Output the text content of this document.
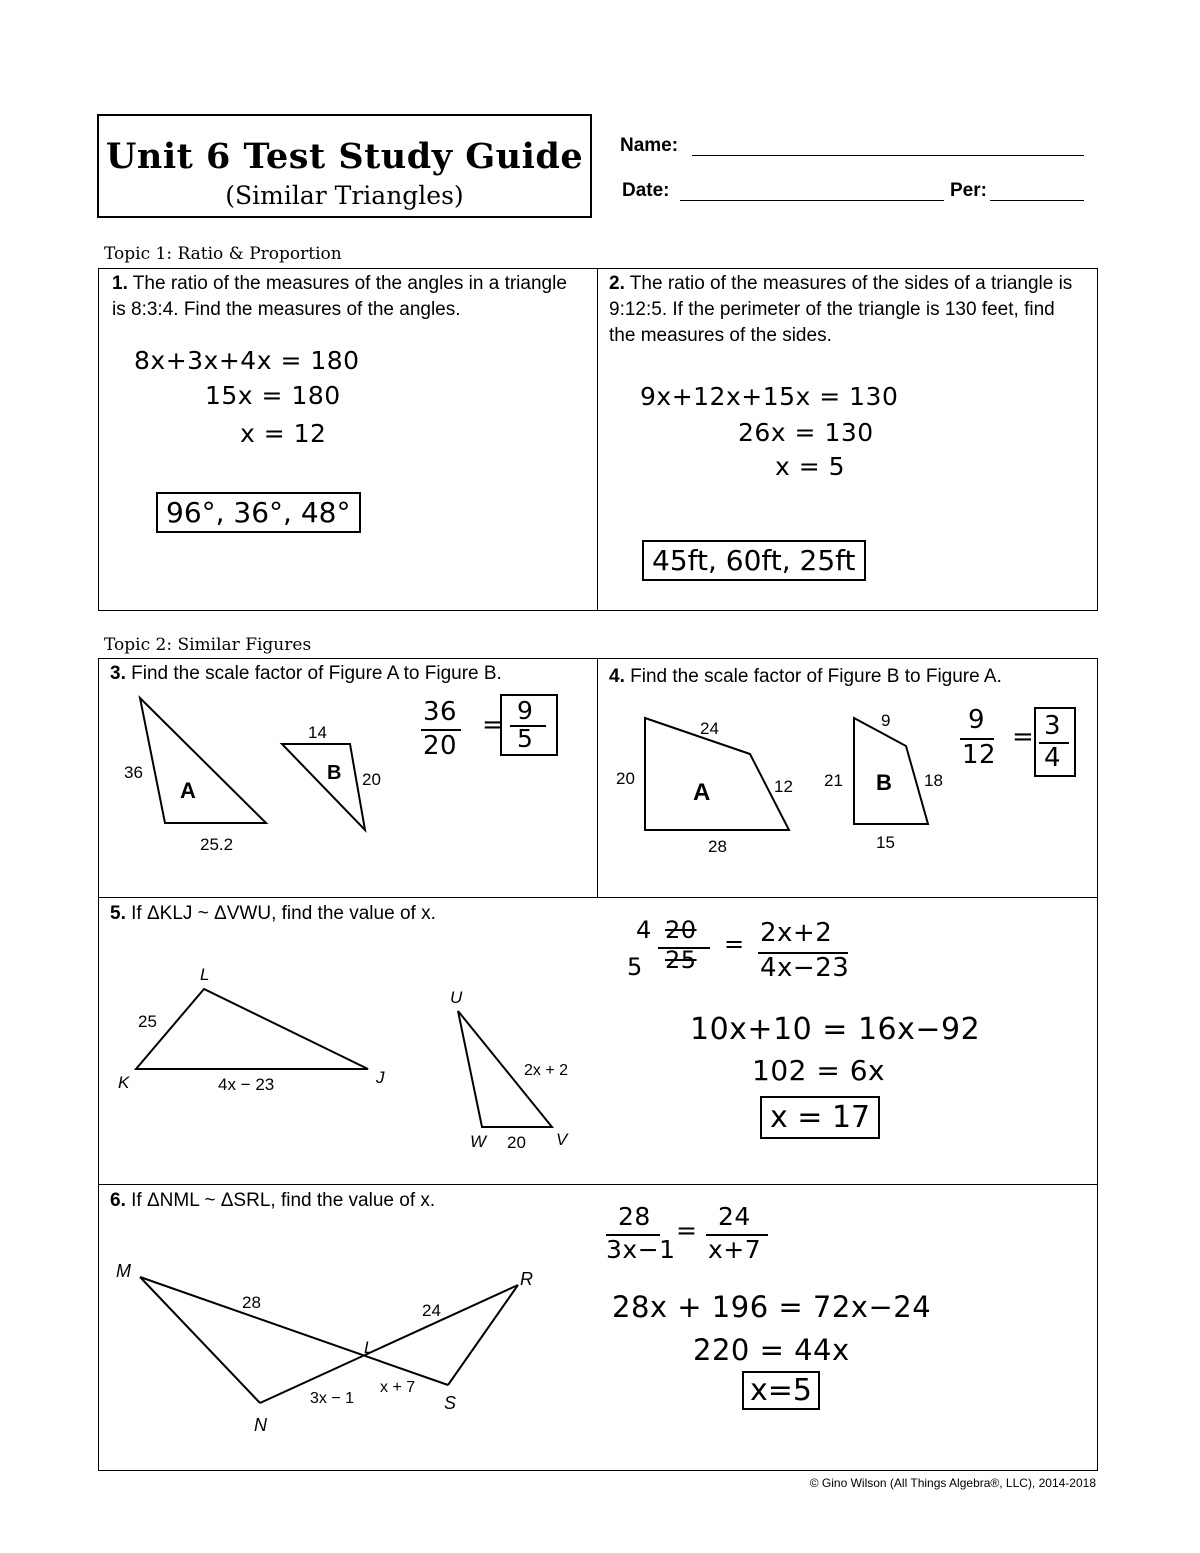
Unit 6 Test Study Guide
(Similar Triangles)
Name:
Date:	Per:
Topic 1: Ratio & Proportion
1. The ratio of the measures of the angles in a triangle is 8:3:4. Find the measures of the angles.
8x+3x+4x = 180
15x = 180
x = 12
96°, 36°, 48°
2. The ratio of the measures of the sides of a triangle is 9:12:5. If the perimeter of the triangle is 130 feet, find the measures of the sides.
9x+12x+15x = 130
26x = 130
x = 5
45ft, 60ft, 25ft
Topic 2: Similar Figures
3. Find the scale factor of Figure A to Figure B.
36
25.2
A
14
20
B
36
20
= 9
5
4. Find the scale factor of Figure B to Figure A.
24
20	12
28
A
9
21	18
15
B
9
12
= 3
4
5. If ΔKLJ ~ ΔVWU, find the value of x.
K
L
J
25
4x − 23
U
W	V
2x + 2
20
4
5
20
25
= 2x+2
4x−23
10x+10 = 16x−92
102 = 6x
x = 17
6. If ΔNML ~ ΔSRL, find the value of x.
M	R
L
N
S
28	24
3x − 1
x + 7
28
3x−1
= 24
x+7
28x + 196 = 72x−24
220 = 44x
x=5
© Gino Wilson (All Things Algebra®, LLC), 2014-2018
